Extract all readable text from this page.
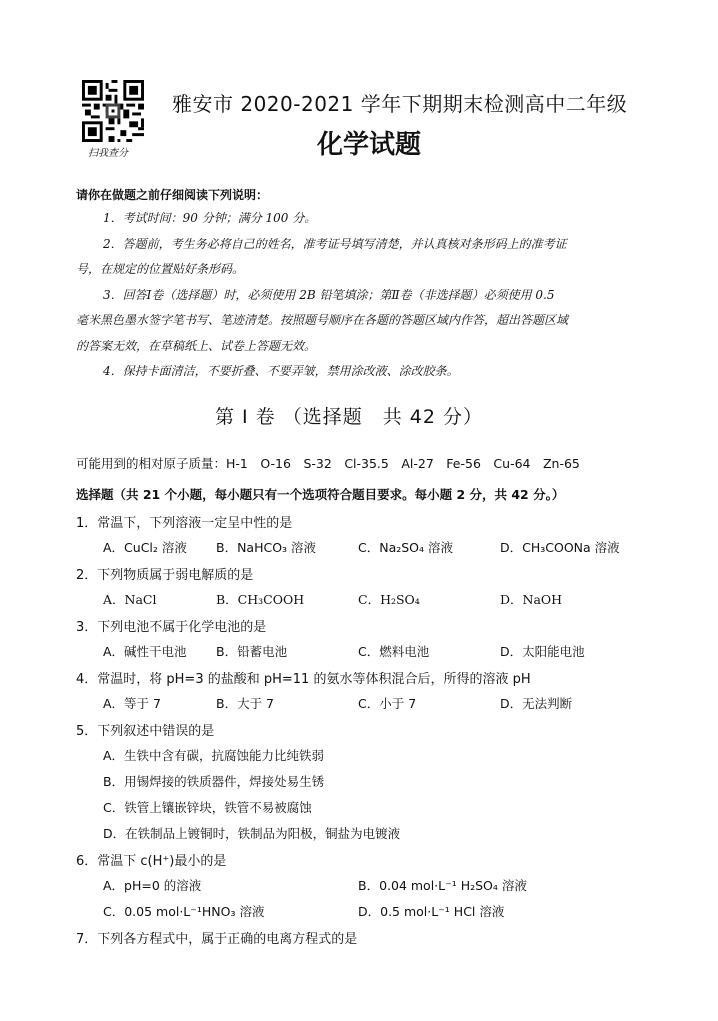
扫我查分
雅安市 2020-2021 学年下期期末检测高中二年级
化学试题
请你在做题之前仔细阅读下列说明：
1．考试时间：90 分钟；满分 100 分。
2．答题前，考生务必将自己的姓名，准考证号填写清楚，并认真核对条形码上的准考证
号，在规定的位置贴好条形码。
3．回答Ⅰ卷（选择题）时，必须使用 2B 铅笔填涂；第Ⅱ卷（非选择题）必须使用 0.5
毫米黑色墨水签字笔书写、笔迹清楚。按照题号顺序在各题的答题区域内作答，超出答题区域
的答案无效，在草稿纸上、试卷上答题无效。
4．保持卡面清洁，不要折叠、不要弄皱，禁用涂改液、涂改胶条。
第 Ⅰ 卷 （选择题　共 42 分）
可能用到的相对原子质量：H-1　O-16　S-32　Cl-35.5　Al-27　Fe-56　Cu-64　Zn-65
选择题（共 21 个小题，每小题只有一个选项符合题目要求。每小题 2 分，共 42 分。）
1．常温下，下列溶液一定呈中性的是
A．CuCl₂ 溶液 B．NaHCO₃ 溶液	C．Na₂SO₄ 溶液	D．CH₃COONa 溶液
2．下列物质属于弱电解质的是
A．NaCl	B．CH₃COOH	C．H₂SO₄	D．NaOH
3．下列电池不属于化学电池的是
A．碱性干电池 B．铅蓄电池	C．燃料电池	D．太阳能电池
4．常温时，将 pH=3 的盐酸和 pH=11 的氨水等体积混合后，所得的溶液 pH
A．等于 7	B．大于 7	C．小于 7	D．无法判断
5．下列叙述中错误的是
A．生铁中含有碳，抗腐蚀能力比纯铁弱
B．用锡焊接的铁质器件，焊接处易生锈
C．铁管上镶嵌锌块，铁管不易被腐蚀
D．在铁制品上镀铜时，铁制品为阳极，铜盐为电镀液
6．常温下 c(H⁺)最小的是
A．pH=0 的溶液	B．0.04 mol·L⁻¹ H₂SO₄ 溶液
C．0.05 mol·L⁻¹HNO₃ 溶液	D．0.5 mol·L⁻¹ HCl 溶液
7．下列各方程式中，属于正确的电离方程式的是
